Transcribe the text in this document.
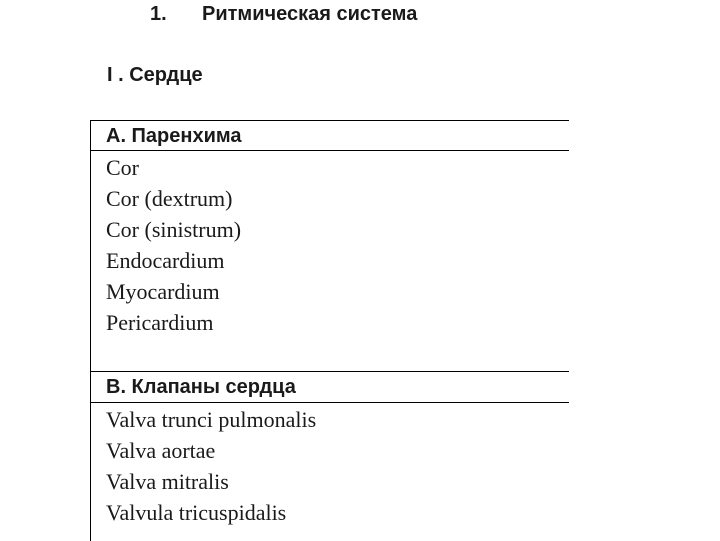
1. Ритмическая система
I . Сердце
A. Паренхима
Cor
Cor (dextrum)
Cor (sinistrum)
Endocardium
Myocardium
Pericardium
B. Клапаны сердца
Valva trunci pulmonalis
Valva aortae
Valva mitralis
Valvula tricuspidalis
